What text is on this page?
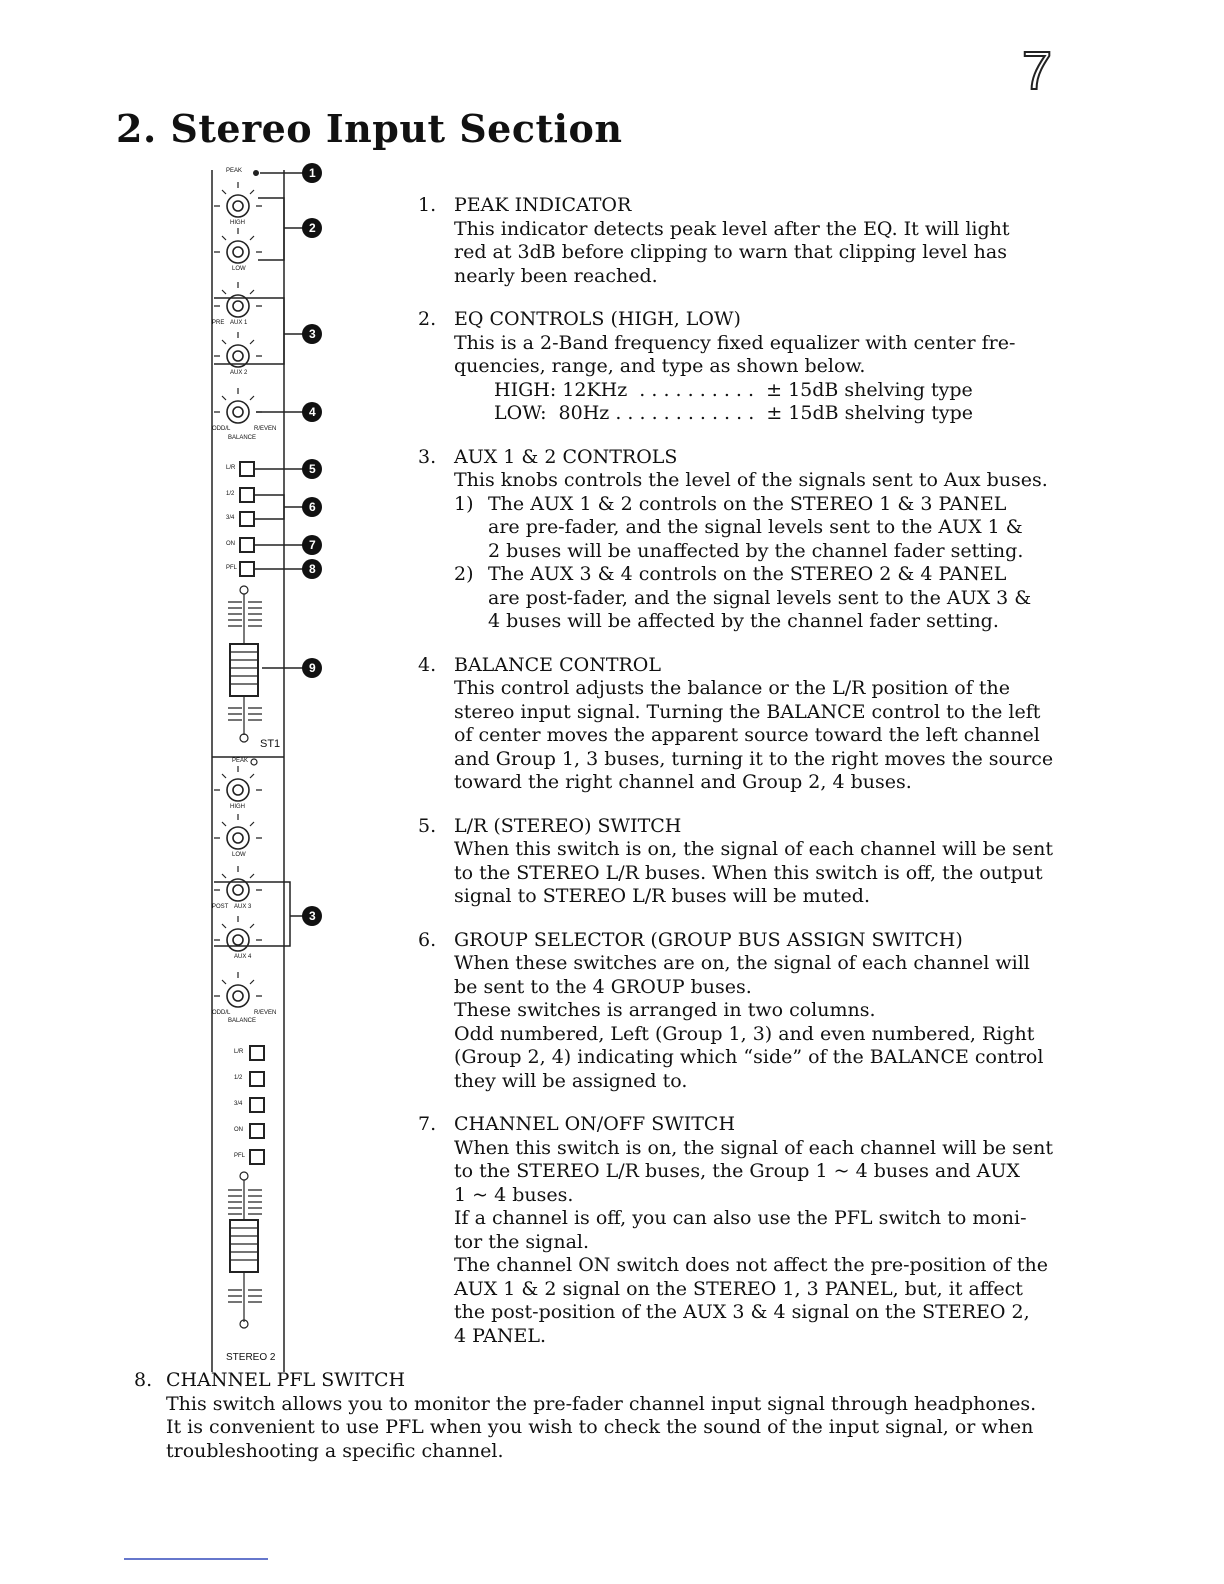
7
2. Stereo Input Section
1
2
3
4
5
6
7
8
9
3
PEAK
HIGH
LOW
PRE AUX 1
AUX 2
ODD/L	R/EVEN
BALANCE
L/R
1/2
3/4
ON
PFL
ST1
PEAK
HIGH
LOW
POST AUX 3
AUX 4
ODD/L	R/EVEN
BALANCE
L/R
1/2
3/4
ON
PFL
STEREO 2
1. PEAK INDICATOR
This indicator detects peak level after the EQ. It will light
red at 3dB before clipping to warn that clipping level has
nearly been reached.
2. EQ CONTROLS (HIGH, LOW)
This is a 2-Band frequency fixed equalizer with center fre-
quencies, range, and type as shown below.
HIGH: 12KHz  . . . . . . . . . .  ± 15dB shelving type
LOW:  80Hz . . . . . . . . . . . .  ± 15dB shelving type
3. AUX 1 & 2 CONTROLS
This knobs controls the level of the signals sent to Aux buses.
1) The AUX 1 & 2 controls on the STEREO 1 & 3 PANEL
are pre-fader, and the signal levels sent to the AUX 1 &
2 buses will be unaffected by the channel fader setting.
2) The AUX 3 & 4 controls on the STEREO 2 & 4 PANEL
are post-fader, and the signal levels sent to the AUX 3 &
4 buses will be affected by the channel fader setting.
4. BALANCE CONTROL
This control adjusts the balance or the L/R position of the
stereo input signal. Turning the BALANCE control to the left
of center moves the apparent source toward the left channel
and Group 1, 3 buses, turning it to the right moves the source
toward the right channel and Group 2, 4 buses.
5. L/R (STEREO) SWITCH
When this switch is on, the signal of each channel will be sent
to the STEREO L/R buses. When this switch is off, the output
signal to STEREO L/R buses will be muted.
6. GROUP SELECTOR (GROUP BUS ASSIGN SWITCH)
When these switches are on, the signal of each channel will
be sent to the 4 GROUP buses.
These switches is arranged in two columns.
Odd numbered, Left (Group 1, 3) and even numbered, Right
(Group 2, 4) indicating which “side” of the BALANCE control
they will be assigned to.
7. CHANNEL ON/OFF SWITCH
When this switch is on, the signal of each channel will be sent
to the STEREO L/R buses, the Group 1 ~ 4 buses and AUX
1 ~ 4 buses.
If a channel is off, you can also use the PFL switch to moni-
tor the signal.
The channel ON switch does not affect the pre-position of the
AUX 1 & 2 signal on the STEREO 1, 3 PANEL, but, it affect
the post-position of the AUX 3 & 4 signal on the STEREO 2,
4 PANEL.
8. CHANNEL PFL SWITCH
This switch allows you to monitor the pre-fader channel input signal through headphones.
It is convenient to use PFL when you wish to check the sound of the input signal, or when
troubleshooting a specific channel.
